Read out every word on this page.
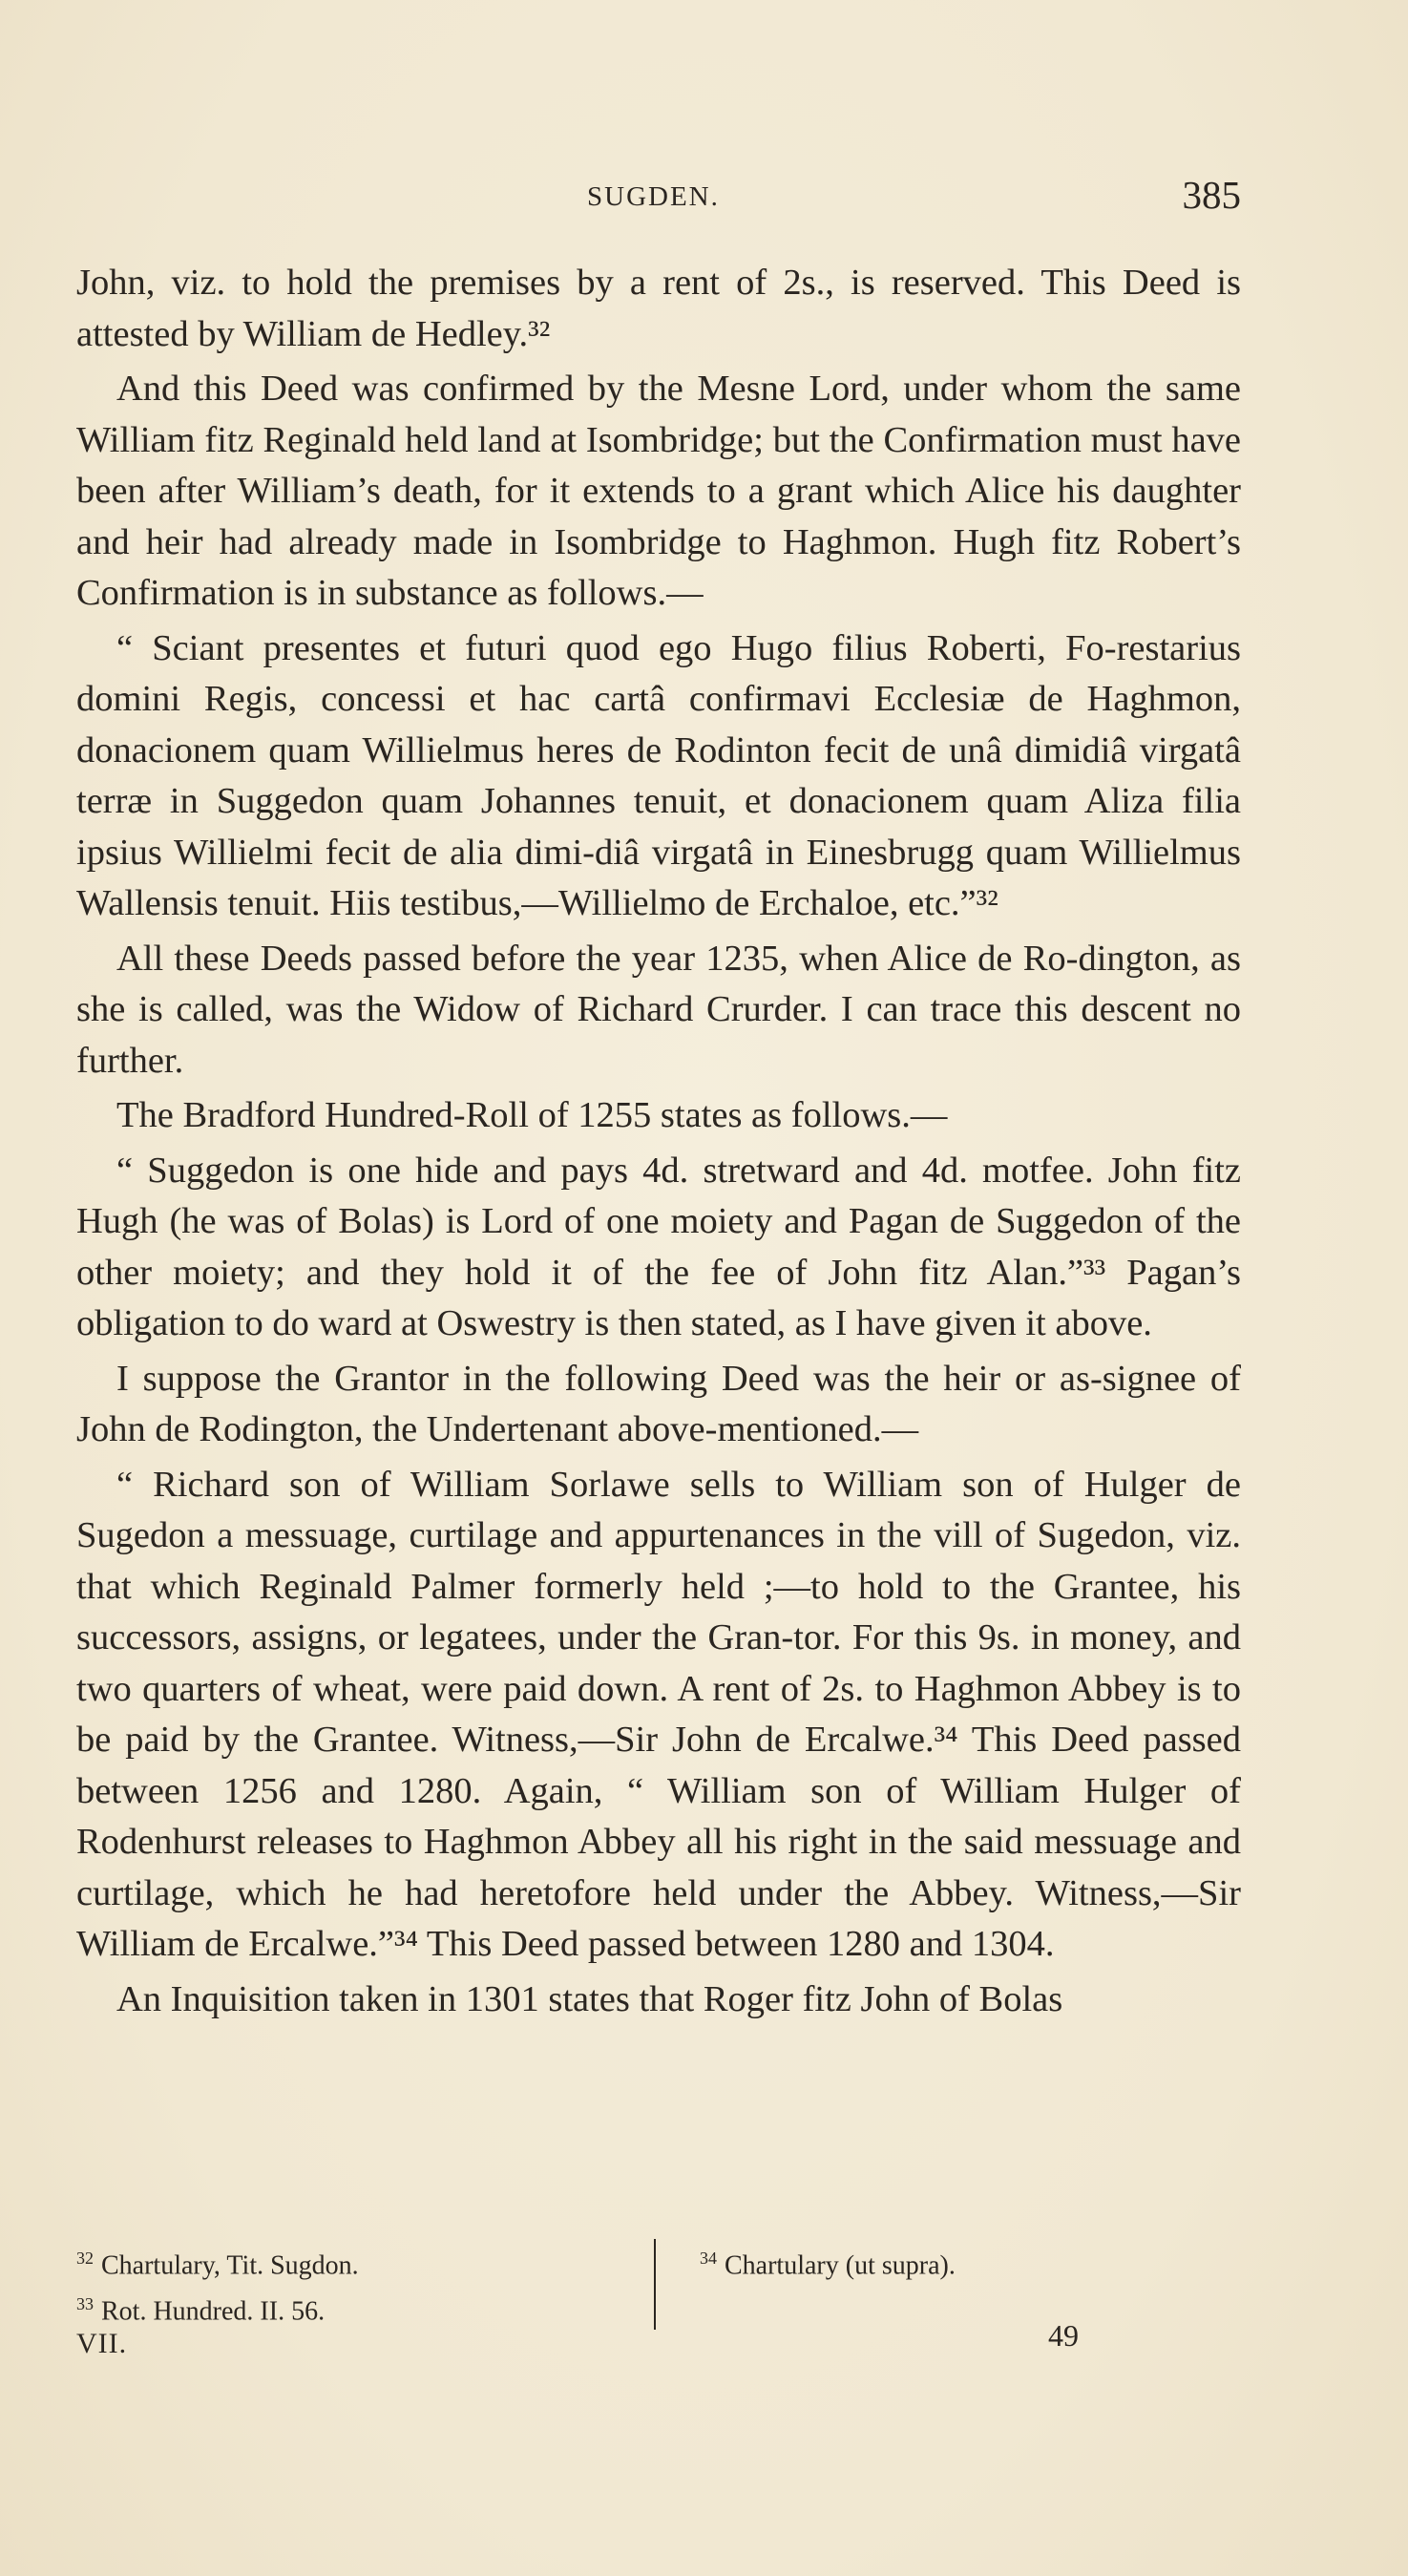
SUGDEN.	385

John, viz. to hold the premises by a rent of 2s., is reserved. This Deed is attested by William de Hedley.³²

And this Deed was confirmed by the Mesne Lord, under whom the same William fitz Reginald held land at Isombridge; but the Confirmation must have been after William’s death, for it extends to a grant which Alice his daughter and heir had already made in Isombridge to Haghmon. Hugh fitz Robert’s Confirmation is in substance as follows.—

“ Sciant presentes et futuri quod ego Hugo filius Roberti, Fo-restarius domini Regis, concessi et hac cartâ confirmavi Ecclesiæ de Haghmon, donacionem quam Willielmus heres de Rodinton fecit de unâ dimidiâ virgatâ terræ in Suggedon quam Johannes tenuit, et donacionem quam Aliza filia ipsius Willielmi fecit de alia dimi-diâ virgatâ in Einesbrugg quam Willielmus Wallensis tenuit. Hiis testibus,—Willielmo de Erchaloe, etc.”³²

All these Deeds passed before the year 1235, when Alice de Ro-dington, as she is called, was the Widow of Richard Crurder. I can trace this descent no further.

The Bradford Hundred-Roll of 1255 states as follows.—

“ Suggedon is one hide and pays 4d. stretward and 4d. motfee. John fitz Hugh (he was of Bolas) is Lord of one moiety and Pagan de Suggedon of the other moiety; and they hold it of the fee of John fitz Alan.”³³ Pagan’s obligation to do ward at Oswestry is then stated, as I have given it above.

I suppose the Grantor in the following Deed was the heir or as-signee of John de Rodington, the Undertenant above-mentioned.—

“ Richard son of William Sorlawe sells to William son of Hulger de Sugedon a messuage, curtilage and appurtenances in the vill of Sugedon, viz. that which Reginald Palmer formerly held ;—to hold to the Grantee, his successors, assigns, or legatees, under the Gran-tor. For this 9s. in money, and two quarters of wheat, were paid down. A rent of 2s. to Haghmon Abbey is to be paid by the Grantee. Witness,—Sir John de Ercalwe.³⁴ This Deed passed between 1256 and 1280. Again, “ William son of William Hulger of Rodenhurst releases to Haghmon Abbey all his right in the said messuage and curtilage, which he had heretofore held under the Abbey. Witness,—Sir William de Ercalwe.”³⁴ This Deed passed between 1280 and 1304.

An Inquisition taken in 1301 states that Roger fitz John of Bolas

$^{32}$ Chartulary, Tit. Sugdon.
$^{33}$ Rot. Hundred. II. 56.
$^{34}$ Chartulary (ut supra).
VII.	49
